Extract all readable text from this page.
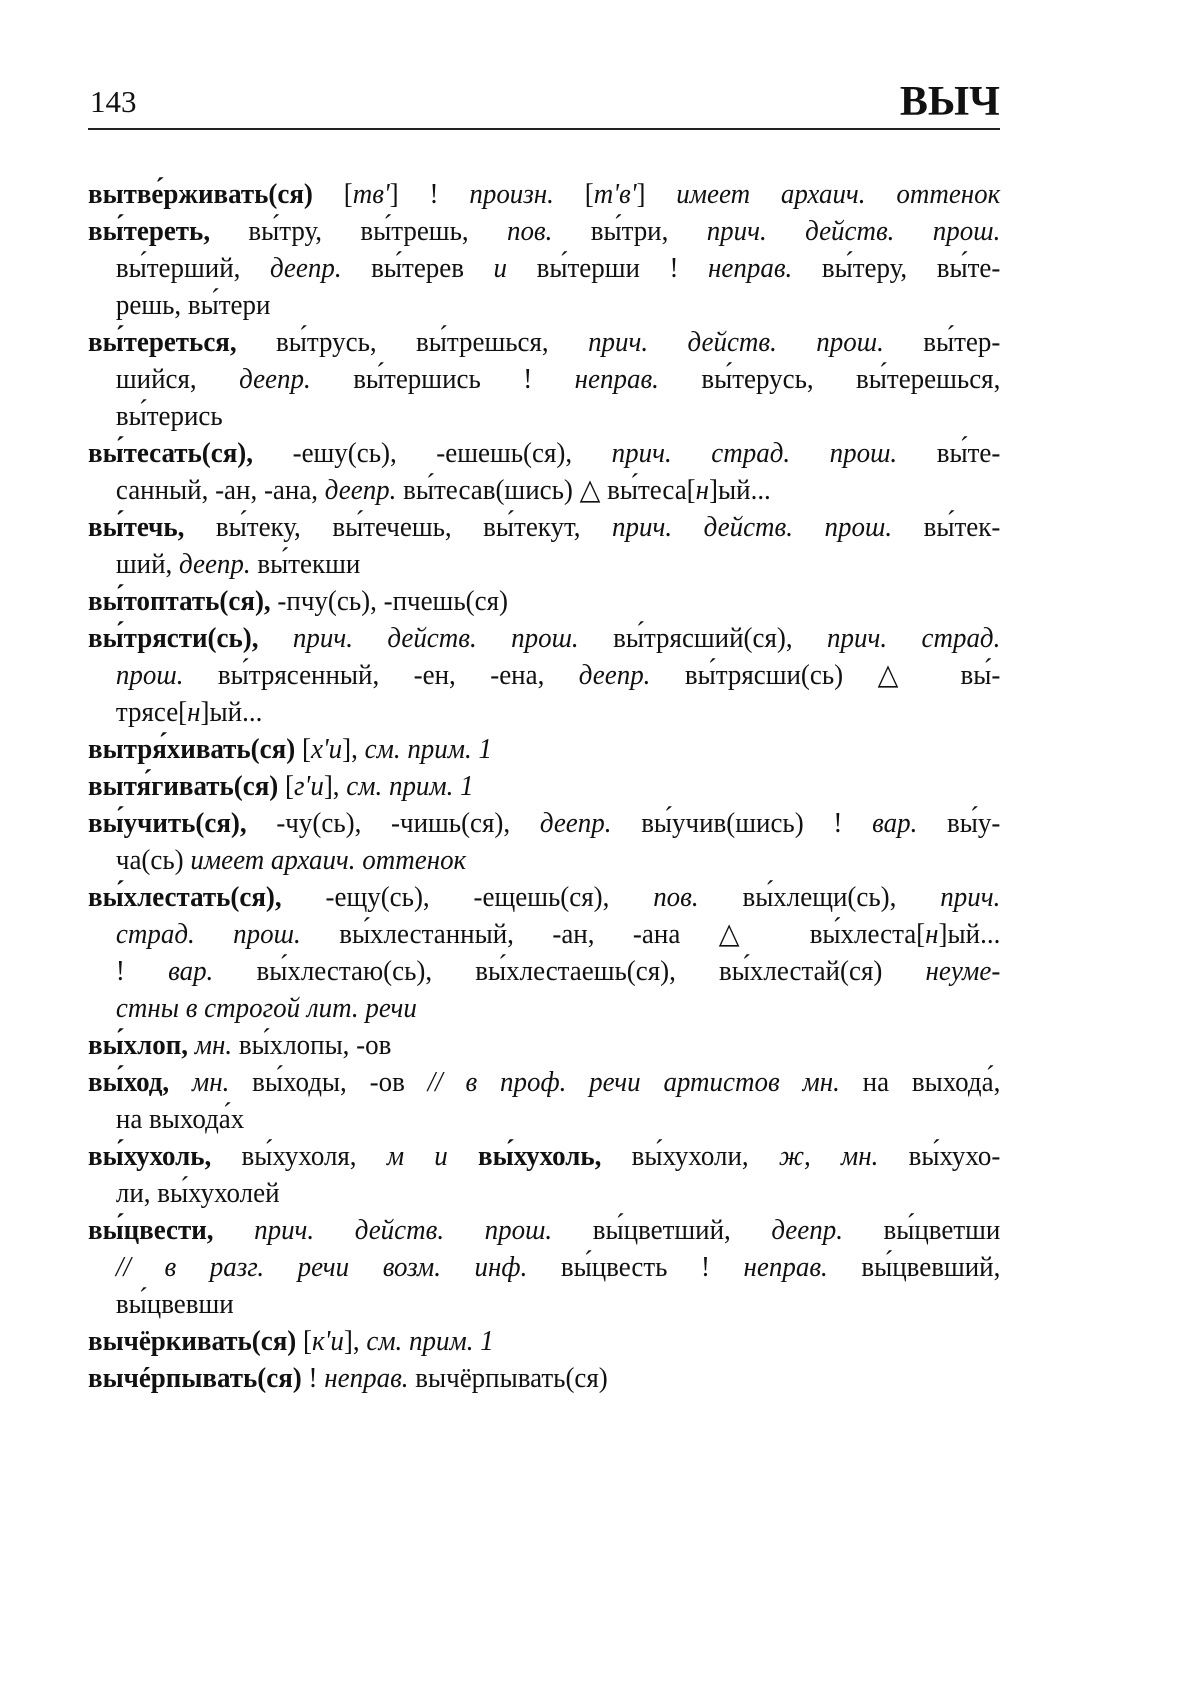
143	ВЫЧ
вытве́рживать(ся) [тв'] ! произн. [т'в'] имеет архаич. оттенок
вы́тереть, вы́тру, вы́трешь, пов. вы́три, прич. действ. прош.
вы́терший, деепр. вы́терев и вы́терши ! неправ. вы́теру, вы́те-
решь, вы́тери
вы́тереться, вы́трусь, вы́трешься, прич. действ. прош. вы́тер-
шийся, деепр. вы́тершись ! неправ. вы́терусь, вы́терешься,
вы́терись
вы́тесать(ся), -ешу(сь), -ешешь(ся), прич. страд. прош. вы́те-
санный, -ан, -ана, деепр. вы́тесав(шись) △ вы́теса[н]ый...
вы́течь, вы́теку, вы́течешь, вы́текут, прич. действ. прош. вы́тек-
ший, деепр. вы́текши
вы́топтать(ся), -пчу(сь), -пчешь(ся)
вы́трясти(сь), прич. действ. прош. вы́трясший(ся), прич. страд.
прош. вы́трясенный, -ен, -ена, деепр. вы́трясши(сь) △ вы́-
трясе[н]ый...
вытря́хивать(ся) [х'и], см. прим. 1
вытя́гивать(ся) [г'и], см. прим. 1
вы́учить(ся), -чу(сь), -чишь(ся), деепр. вы́учив(шись) ! вар. вы́у-
ча(сь) имеет архаич. оттенок
вы́хлестать(ся), -ещу(сь), -ещешь(ся), пов. вы́хлещи(сь), прич.
страд. прош. вы́хлестанный, -ан, -ана △ вы́хлеста[н]ый...
! вар. вы́хлестаю(сь), вы́хлестаешь(ся), вы́хлестай(ся) неуме-
стны в строгой лит. речи
вы́хлоп, мн. вы́хлопы, -ов
вы́ход, мн. вы́ходы, -ов // в проф. речи артистов мн. на выхода́,
на выхода́х
вы́хухоль, вы́хухоля, м и вы́хухоль, вы́хухоли, ж, мн. вы́хухо-
ли, вы́хухолей
вы́цвести, прич. действ. прош. вы́цветший, деепр. вы́цветши
// в разг. речи возм. инф. вы́цвесть ! неправ. вы́цвевший,
вы́цвевши
вычёркивать(ся) [к'и], см. прим. 1
вычéрпывать(ся) ! неправ. вычёрпывать(ся)
